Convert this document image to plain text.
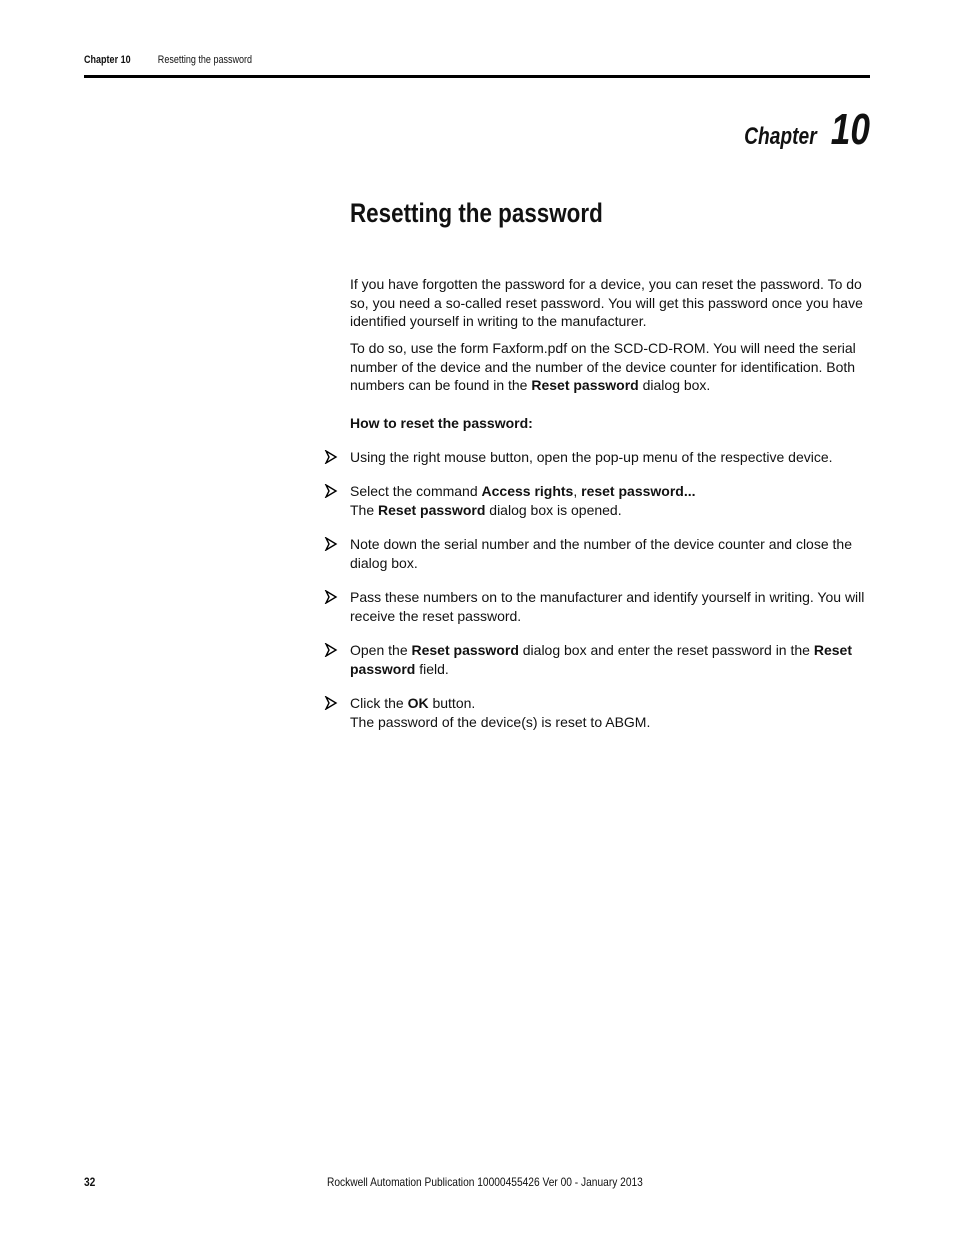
Chapter 10 Resetting the password
Chapter 10
Resetting the password

If you have forgotten the password for a device, you can reset the password. To do so, you need a so-called reset password. You will get this password once you have identified yourself in writing to the manufacturer.

To do so, use the form Faxform.pdf on the SCD-CD-ROM. You will need the serial number of the device and the number of the device counter for identification. Both numbers can be found in the Reset password dialog box.

How to reset the password:

Using the right mouse button, open the pop-up menu of the respective device.
Select the command Access rights, reset password...
The Reset password dialog box is opened.
Note down the serial number and the number of the device counter and close the dialog box.
Pass these numbers on to the manufacturer and identify yourself in writing. You will receive the reset password.
Open the Reset password dialog box and enter the reset password in the Reset password field.
Click the OK button.
The password of the device(s) is reset to ABGM.
32	Rockwell Automation Publication 10000455426 Ver 00 - January 2013
